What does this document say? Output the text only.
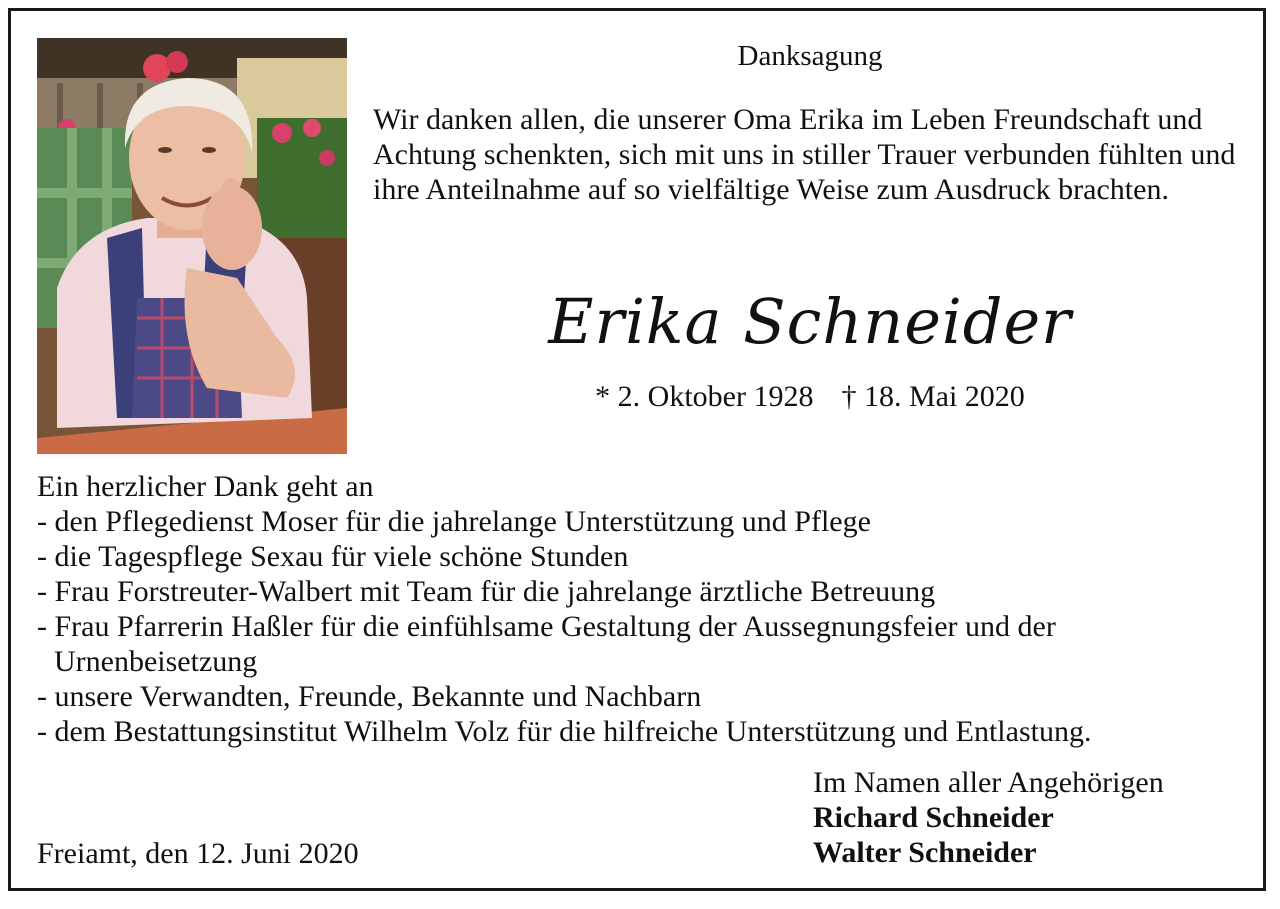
Danksagung

Wir danken allen, die unserer Oma Erika im Leben Freundschaft und Achtung schenkten, sich mit uns in stiller Trauer verbunden fühlten und ihre Anteilnahme auf so vielfältige Weise zum Ausdruck brachten.

Erika Schneider
* 2. Oktober 1928 † 18. Mai 2020
Ein herzlicher Dank geht an
- den Pflegedienst Moser für die jahrelange Unterstützung und Pflege
- die Tagespflege Sexau für viele schöne Stunden
- Frau Forstreuter-Walbert mit Team für die jahrelange ärztliche Betreuung
- Frau Pfarrerin Haßler für die einfühlsame Gestaltung der Aussegnungsfeier und der
Urnenbeisetzung
- unsere Verwandten, Freunde, Bekannte und Nachbarn
- dem Bestattungsinstitut Wilhelm Volz für die hilfreiche Unterstützung und Entlastung.
Im Namen aller Angehörigen
Richard Schneider
Walter Schneider
Freiamt, den 12. Juni 2020
